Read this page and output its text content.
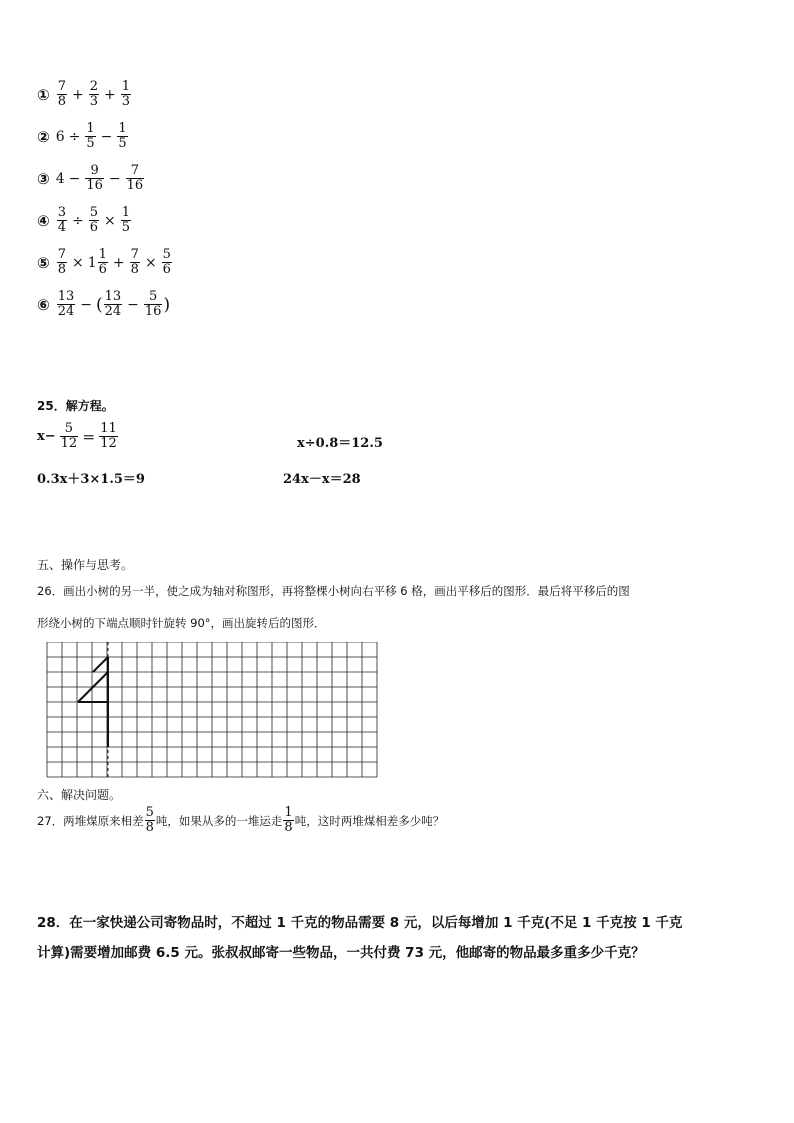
① $\frac{7}{8} + \frac{2}{3} + \frac{1}{3}$
② $6 \div \frac{1}{5} - \frac{1}{5}$
③ $4 - \frac{9}{16} - \frac{7}{16}$
④ $\frac{3}{4} \div \frac{5}{6} \times \frac{1}{5}$
⑤ $\frac{7}{8} \times 1 \frac{1}{6} + \frac{7}{8} \times \frac{5}{6}$
⑥ $\frac{13}{24}$ − ( $\frac{13}{24} - \frac{5}{16}$ )
25．解方程。
$x- \frac{5}{12} = \frac{11}{12}$	x÷0.8＝12.5
0.3x＋3×1.5＝9	24x－x＝28
五、操作与思考。
26．画出小树的另一半，使之成为轴对称图形，再将整棵小树向右平移 6 格，画出平移后的图形．最后将平移后的图
形绕小树的下端点顺时针旋转 90°，画出旋转后的图形．
六、解决问题。
27．两堆煤原来相差 $\frac{5}{8}$ 吨，如果从多的一堆运走 $\frac{1}{8}$ 吨，这时两堆煤相差多少吨？
28．在一家快递公司寄物品时，不超过 1 千克的物品需要 8 元，以后每增加 1 千克(不足 1 千克按 1 千克
计算)需要增加邮费 6.5 元。张叔叔邮寄一些物品，一共付费 73 元，他邮寄的物品最多重多少千克？
